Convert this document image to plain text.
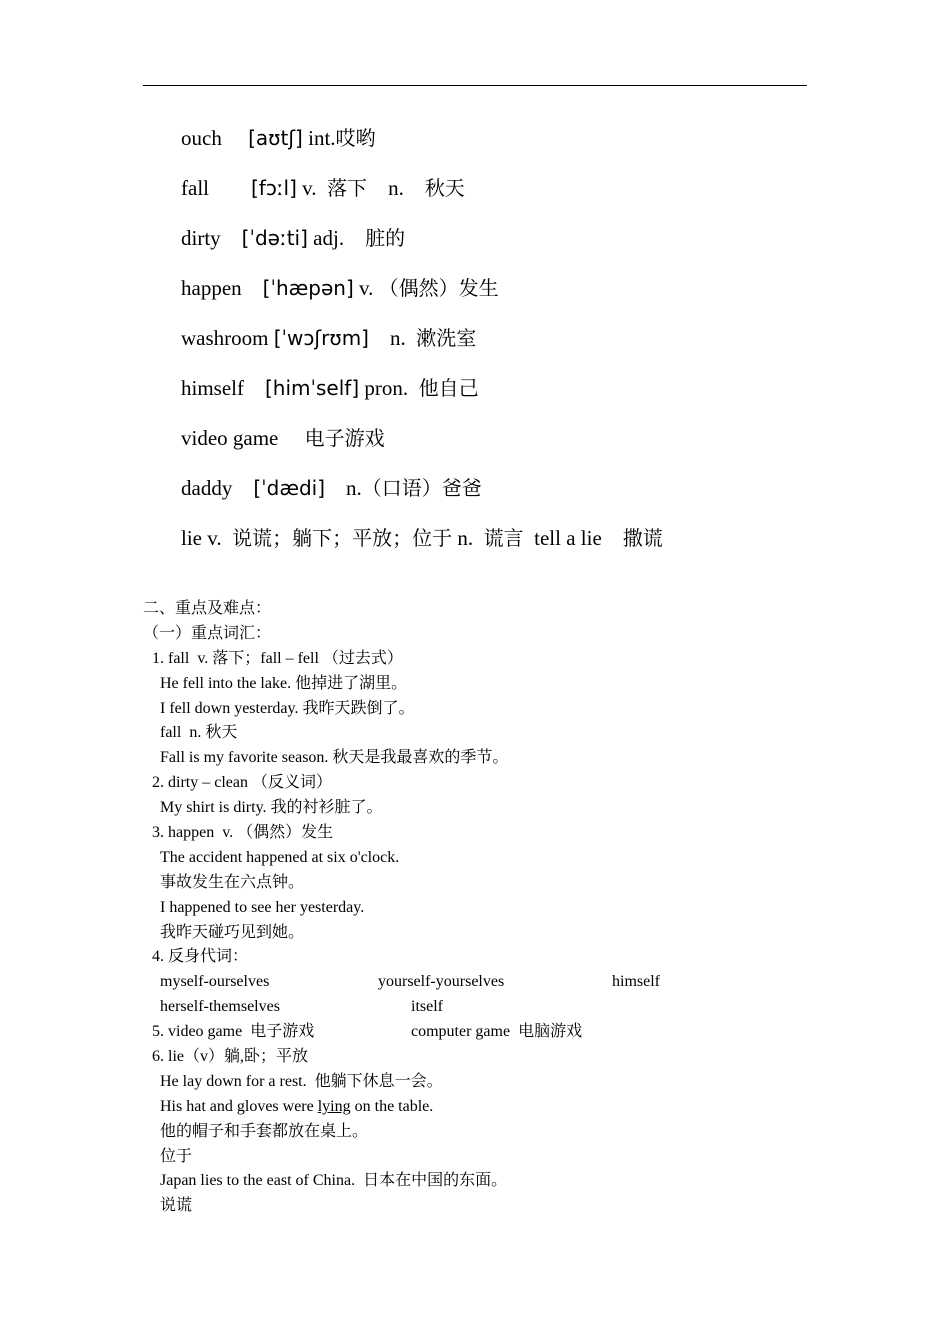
ouch [aʊtʃ] int.哎哟
fall [fɔːl] v. 落下 n. 秋天
dirty [ˈdəːti] adj. 脏的
happen [ˈhæpən] v. （偶然）发生
washroom [ˈwɔʃrʊm] n. 漱洗室
himself [himˈself] pron. 他自己
video game 电子游戏
daddy [ˈdædi] n.（口语）爸爸
lie v. 说谎；躺下；平放；位于 n. 谎言 tell a lie 撒谎
二、重点及难点：
（一）重点词汇：
1. fall  v. 落下；fall – fell （过去式）
He fell into the lake. 他掉进了湖里。
I fell down yesterday. 我昨天跌倒了。
fall  n. 秋天
Fall is my favorite season. 秋天是我最喜欢的季节。
2. dirty – clean （反义词）
My shirt is dirty. 我的衬衫脏了。
3. happen  v. （偶然）发生
The accident happened at six o'clock.
事故发生在六点钟。
I happened to see her yesterday.
我昨天碰巧见到她。
4. 反身代词：
myself-ourselves	yourself-yourselves	himself
herself-themselves	itself
5. video game  电子游戏	computer game  电脑游戏
6. lie（v）躺,卧；平放
He lay down for a rest.  他躺下休息一会。
His hat and gloves were lying on the table.
他的帽子和手套都放在桌上。
位于
Japan lies to the east of China.  日本在中国的东面。
说谎
